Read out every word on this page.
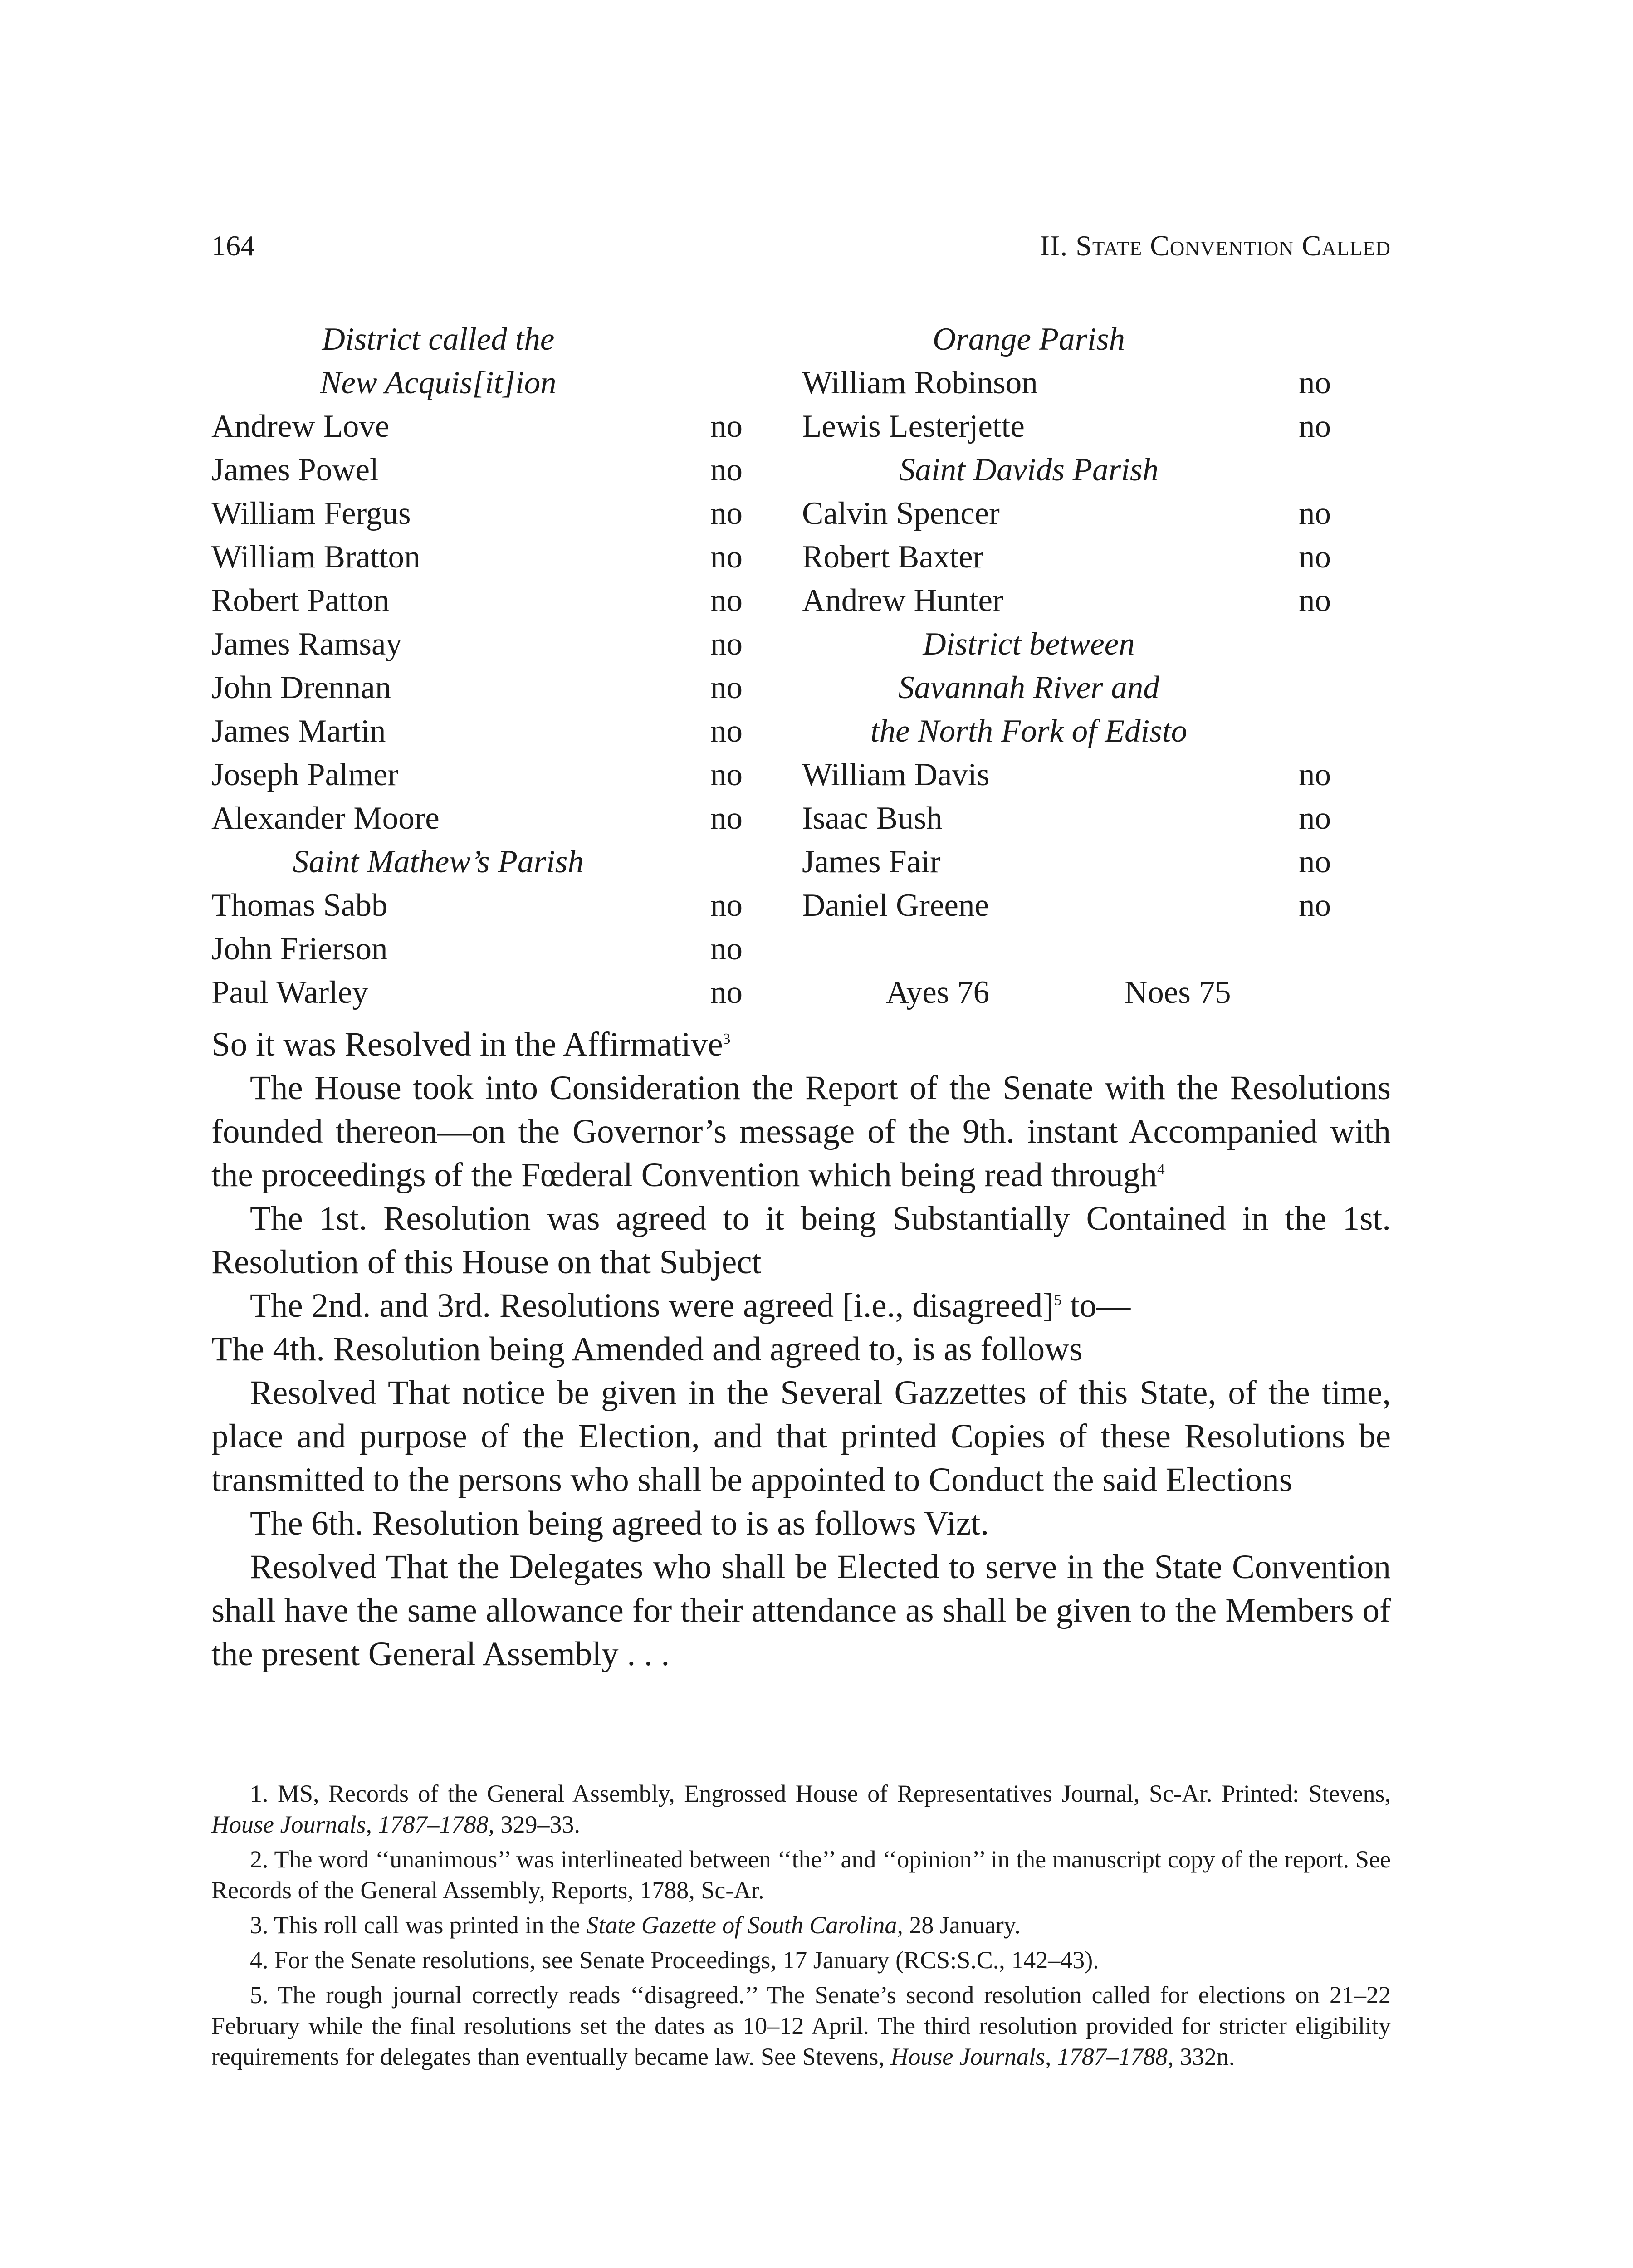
164	II. State Convention Called
District called the
New Acquis[it]ion
Andrew Love	no
James Powel	no
William Fergus	no
William Bratton	no
Robert Patton	no
James Ramsay	no
John Drennan	no
James Martin	no
Joseph Palmer	no
Alexander Moore	no
Saint Mathew’s Parish
Thomas Sabb	no
John Frierson	no
Paul Warley	no
Orange Parish
William Robinson	no
Lewis Lesterjette	no
Saint Davids Parish
Calvin Spencer	no
Robert Baxter	no
Andrew Hunter	no
District between
Savannah River and
the North Fork of Edisto
William Davis	no
Isaac Bush	no
James Fair	no
Daniel Greene	no
Ayes 76	Noes 75

So it was Resolved in the Affirmative$^3$

The House took into Consideration the Report of the Senate with the Resolutions founded thereon—on the Governor’s message of the 9th. instant Accompanied with the proceedings of the Fœderal Convention which being read through$^4$

The 1st. Resolution was agreed to it being Substantially Contained in the 1st. Resolution of this House on that Subject

The 2nd. and 3rd. Resolutions were agreed [i.e., disagreed]$^5$ to—

The 4th. Resolution being Amended and agreed to, is as follows

Resolved That notice be given in the Several Gazzettes of this State, of the time, place and purpose of the Election, and that printed Copies of these Resolutions be transmitted to the persons who shall be appointed to Conduct the said Elections

The 6th. Resolution being agreed to is as follows Vizt.

Resolved That the Delegates who shall be Elected to serve in the State Convention shall have the same allowance for their attendance as shall be given to the Members of the present General Assembly . . .

1. MS, Records of the General Assembly, Engrossed House of Representatives Journal, Sc-Ar. Printed: Stevens, House Journals, 1787–1788, 329–33.

2. The word ‘‘unanimous’’ was interlineated between ‘‘the’’ and ‘‘opinion’’ in the manuscript copy of the report. See Records of the General Assembly, Reports, 1788, Sc-Ar.

3. This roll call was printed in the State Gazette of South Carolina, 28 January.

4. For the Senate resolutions, see Senate Proceedings, 17 January (RCS:S.C., 142–43).

5. The rough journal correctly reads ‘‘disagreed.’’ The Senate’s second resolution called for elections on 21–22 February while the final resolutions set the dates as 10–12 April. The third resolution provided for stricter eligibility requirements for delegates than eventually became law. See Stevens, House Journals, 1787–1788, 332n.
